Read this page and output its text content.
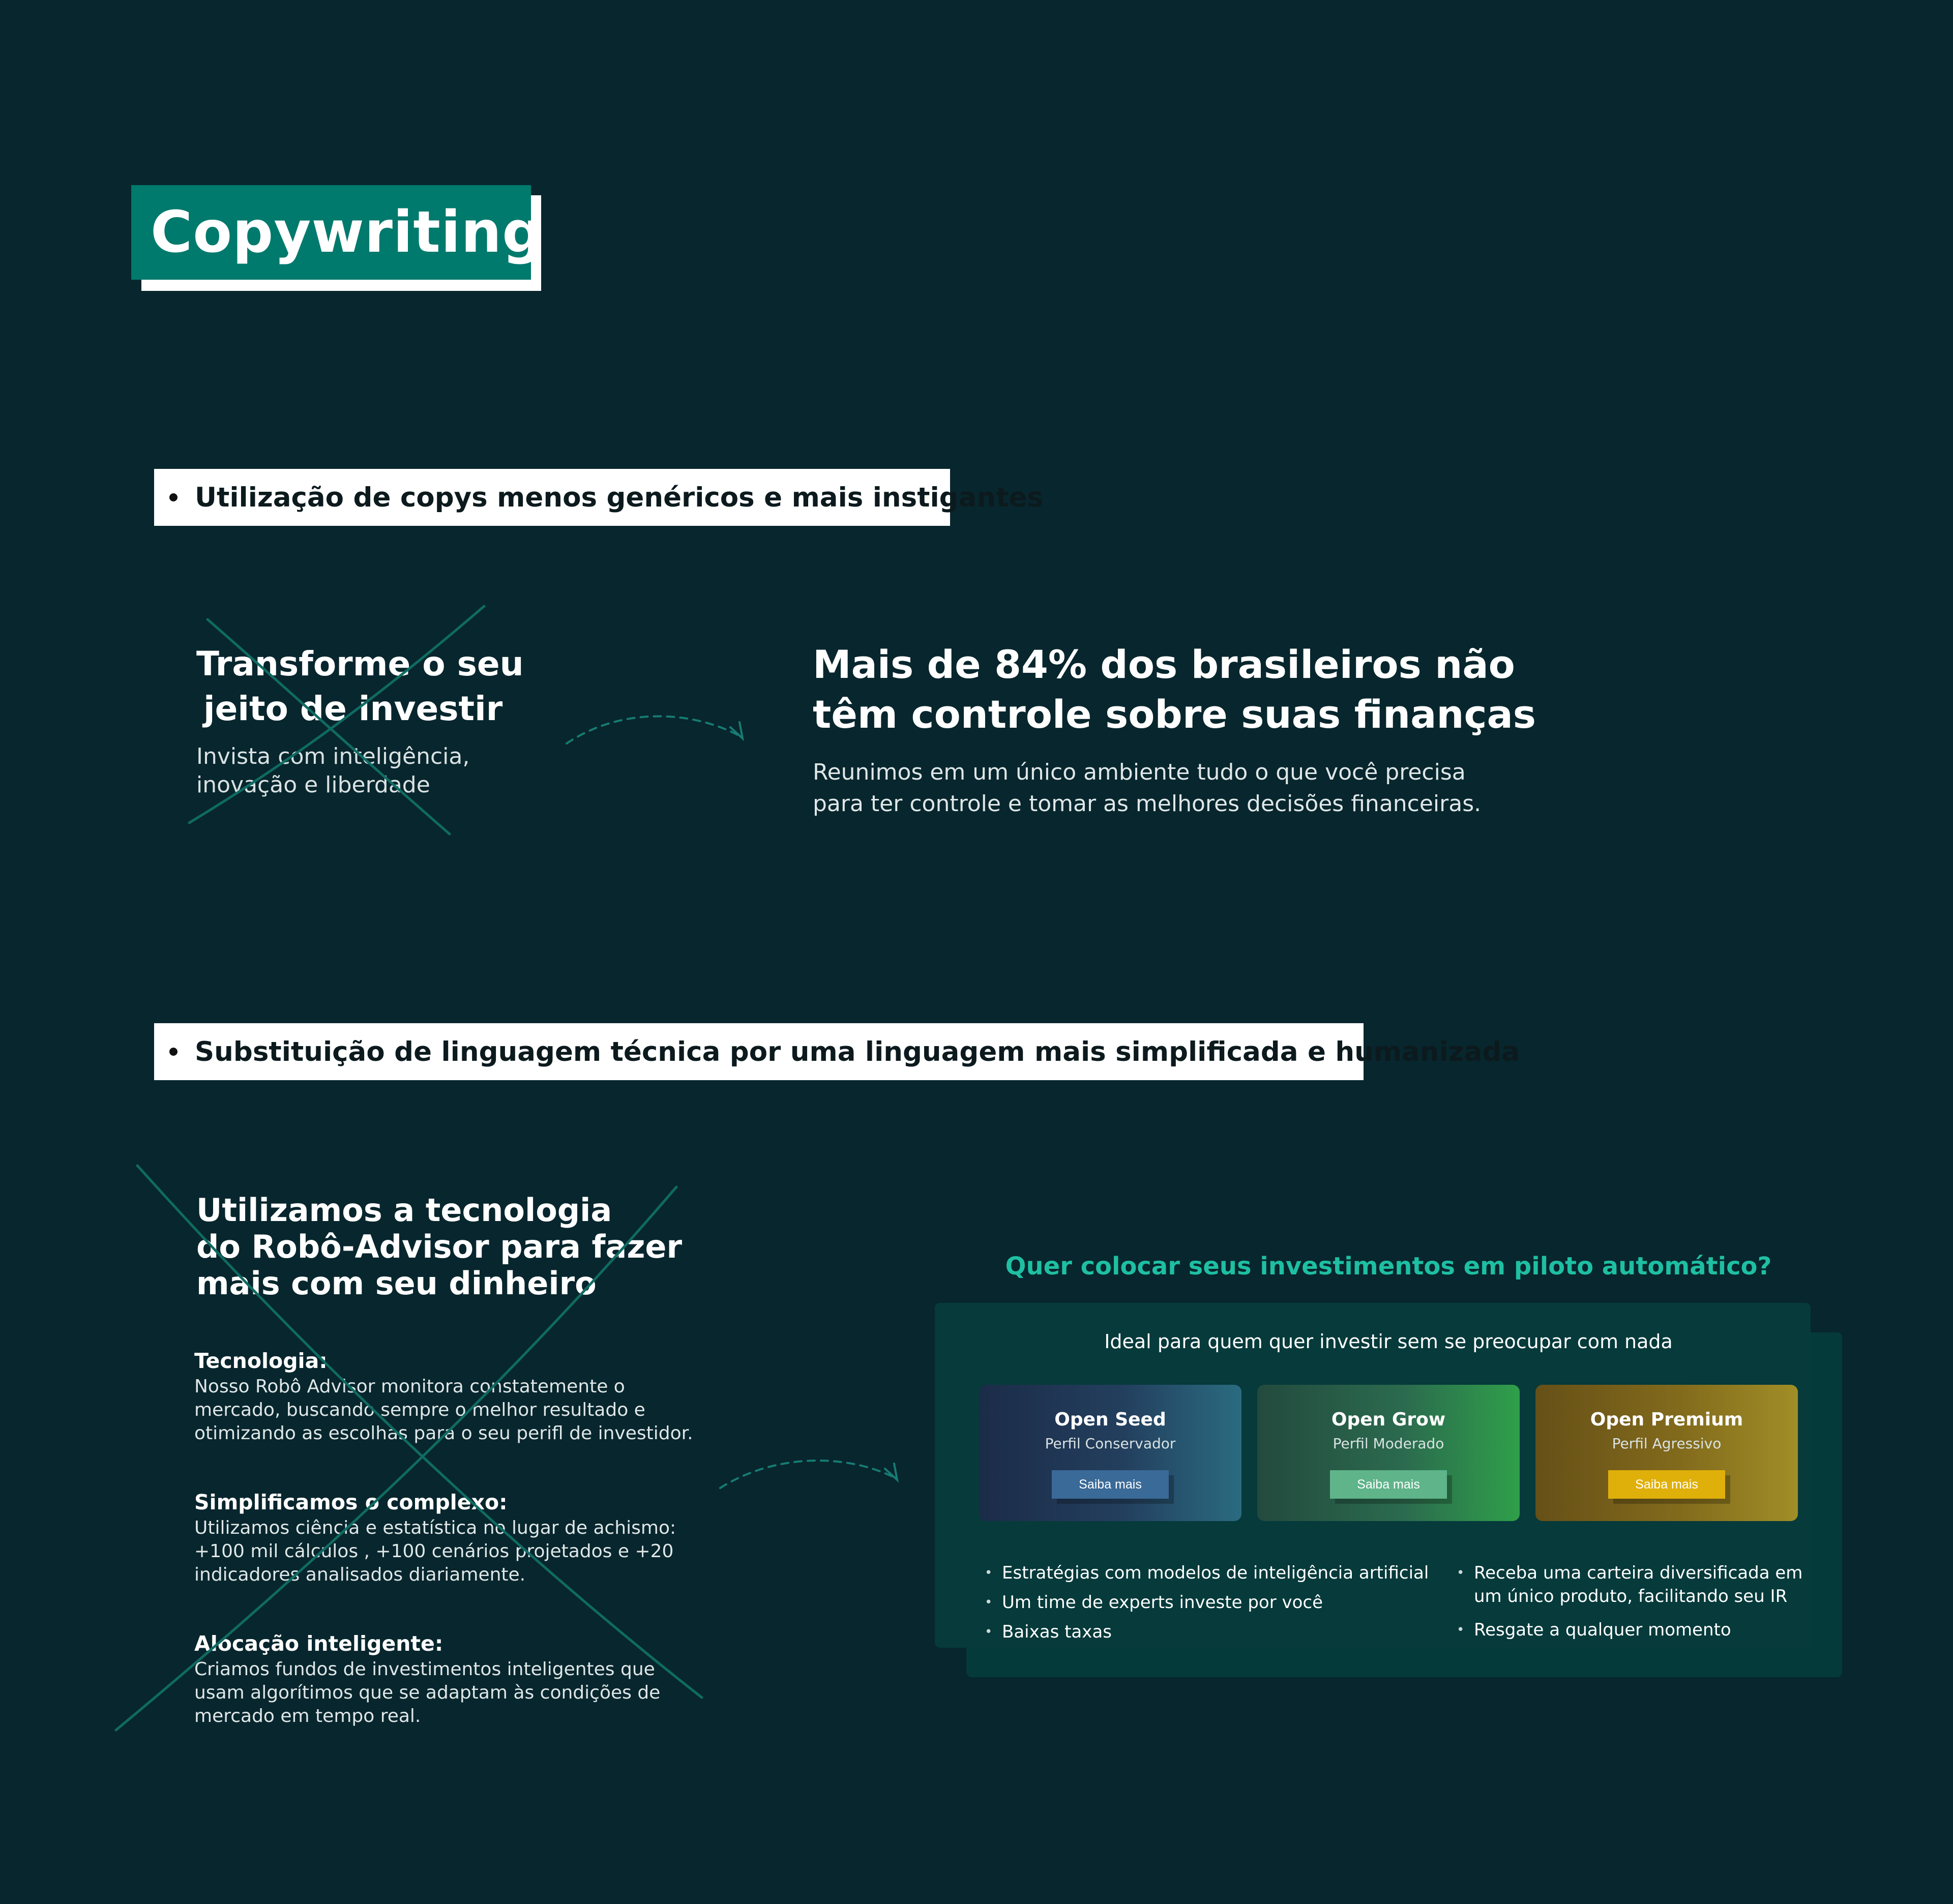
Copywriting
Utilização de copys menos genéricos e mais instigantes
Transforme o seu
jeito de investir
Invista com inteligência,
inovação e liberdade
Mais de 84% dos brasileiros não
têm controle sobre suas finanças
Reunimos em um único ambiente tudo o que você precisa
para ter controle e tomar as melhores decisões financeiras.
Substituição de linguagem técnica por uma linguagem mais simplificada e humanizada
Utilizamos a tecnologia
do Robô-Advisor para fazer
mais com seu dinheiro
Tecnologia:
Nosso Robô Advisor monitora constatemente o
mercado, buscando sempre o melhor resultado e
otimizando as escolhas para o seu perifl de investidor.
Simplificamos o complexo:
Utilizamos ciência e estatística no lugar de achismo:
+100 mil cálculos , +100 cenários projetados e +20
indicadores analisados diariamente.
Alocação inteligente:
Criamos fundos de investimentos inteligentes que
usam algorítimos que se adaptam às condições de
mercado em tempo real.
Quer colocar seus investimentos em piloto automático?
Ideal para quem quer investir sem se preocupar com nada
Open Seed
Perfil Conservador
Saiba mais
Open Grow
Perfil Moderado
Saiba mais
Open Premium
Perfil Agressivo
Saiba mais
• Estratégias com modelos de inteligência artificial
• Um time de experts investe por você
• Baixas taxas
• Receba uma carteira diversificada em um único produto, facilitando seu IR
• Resgate a qualquer momento
